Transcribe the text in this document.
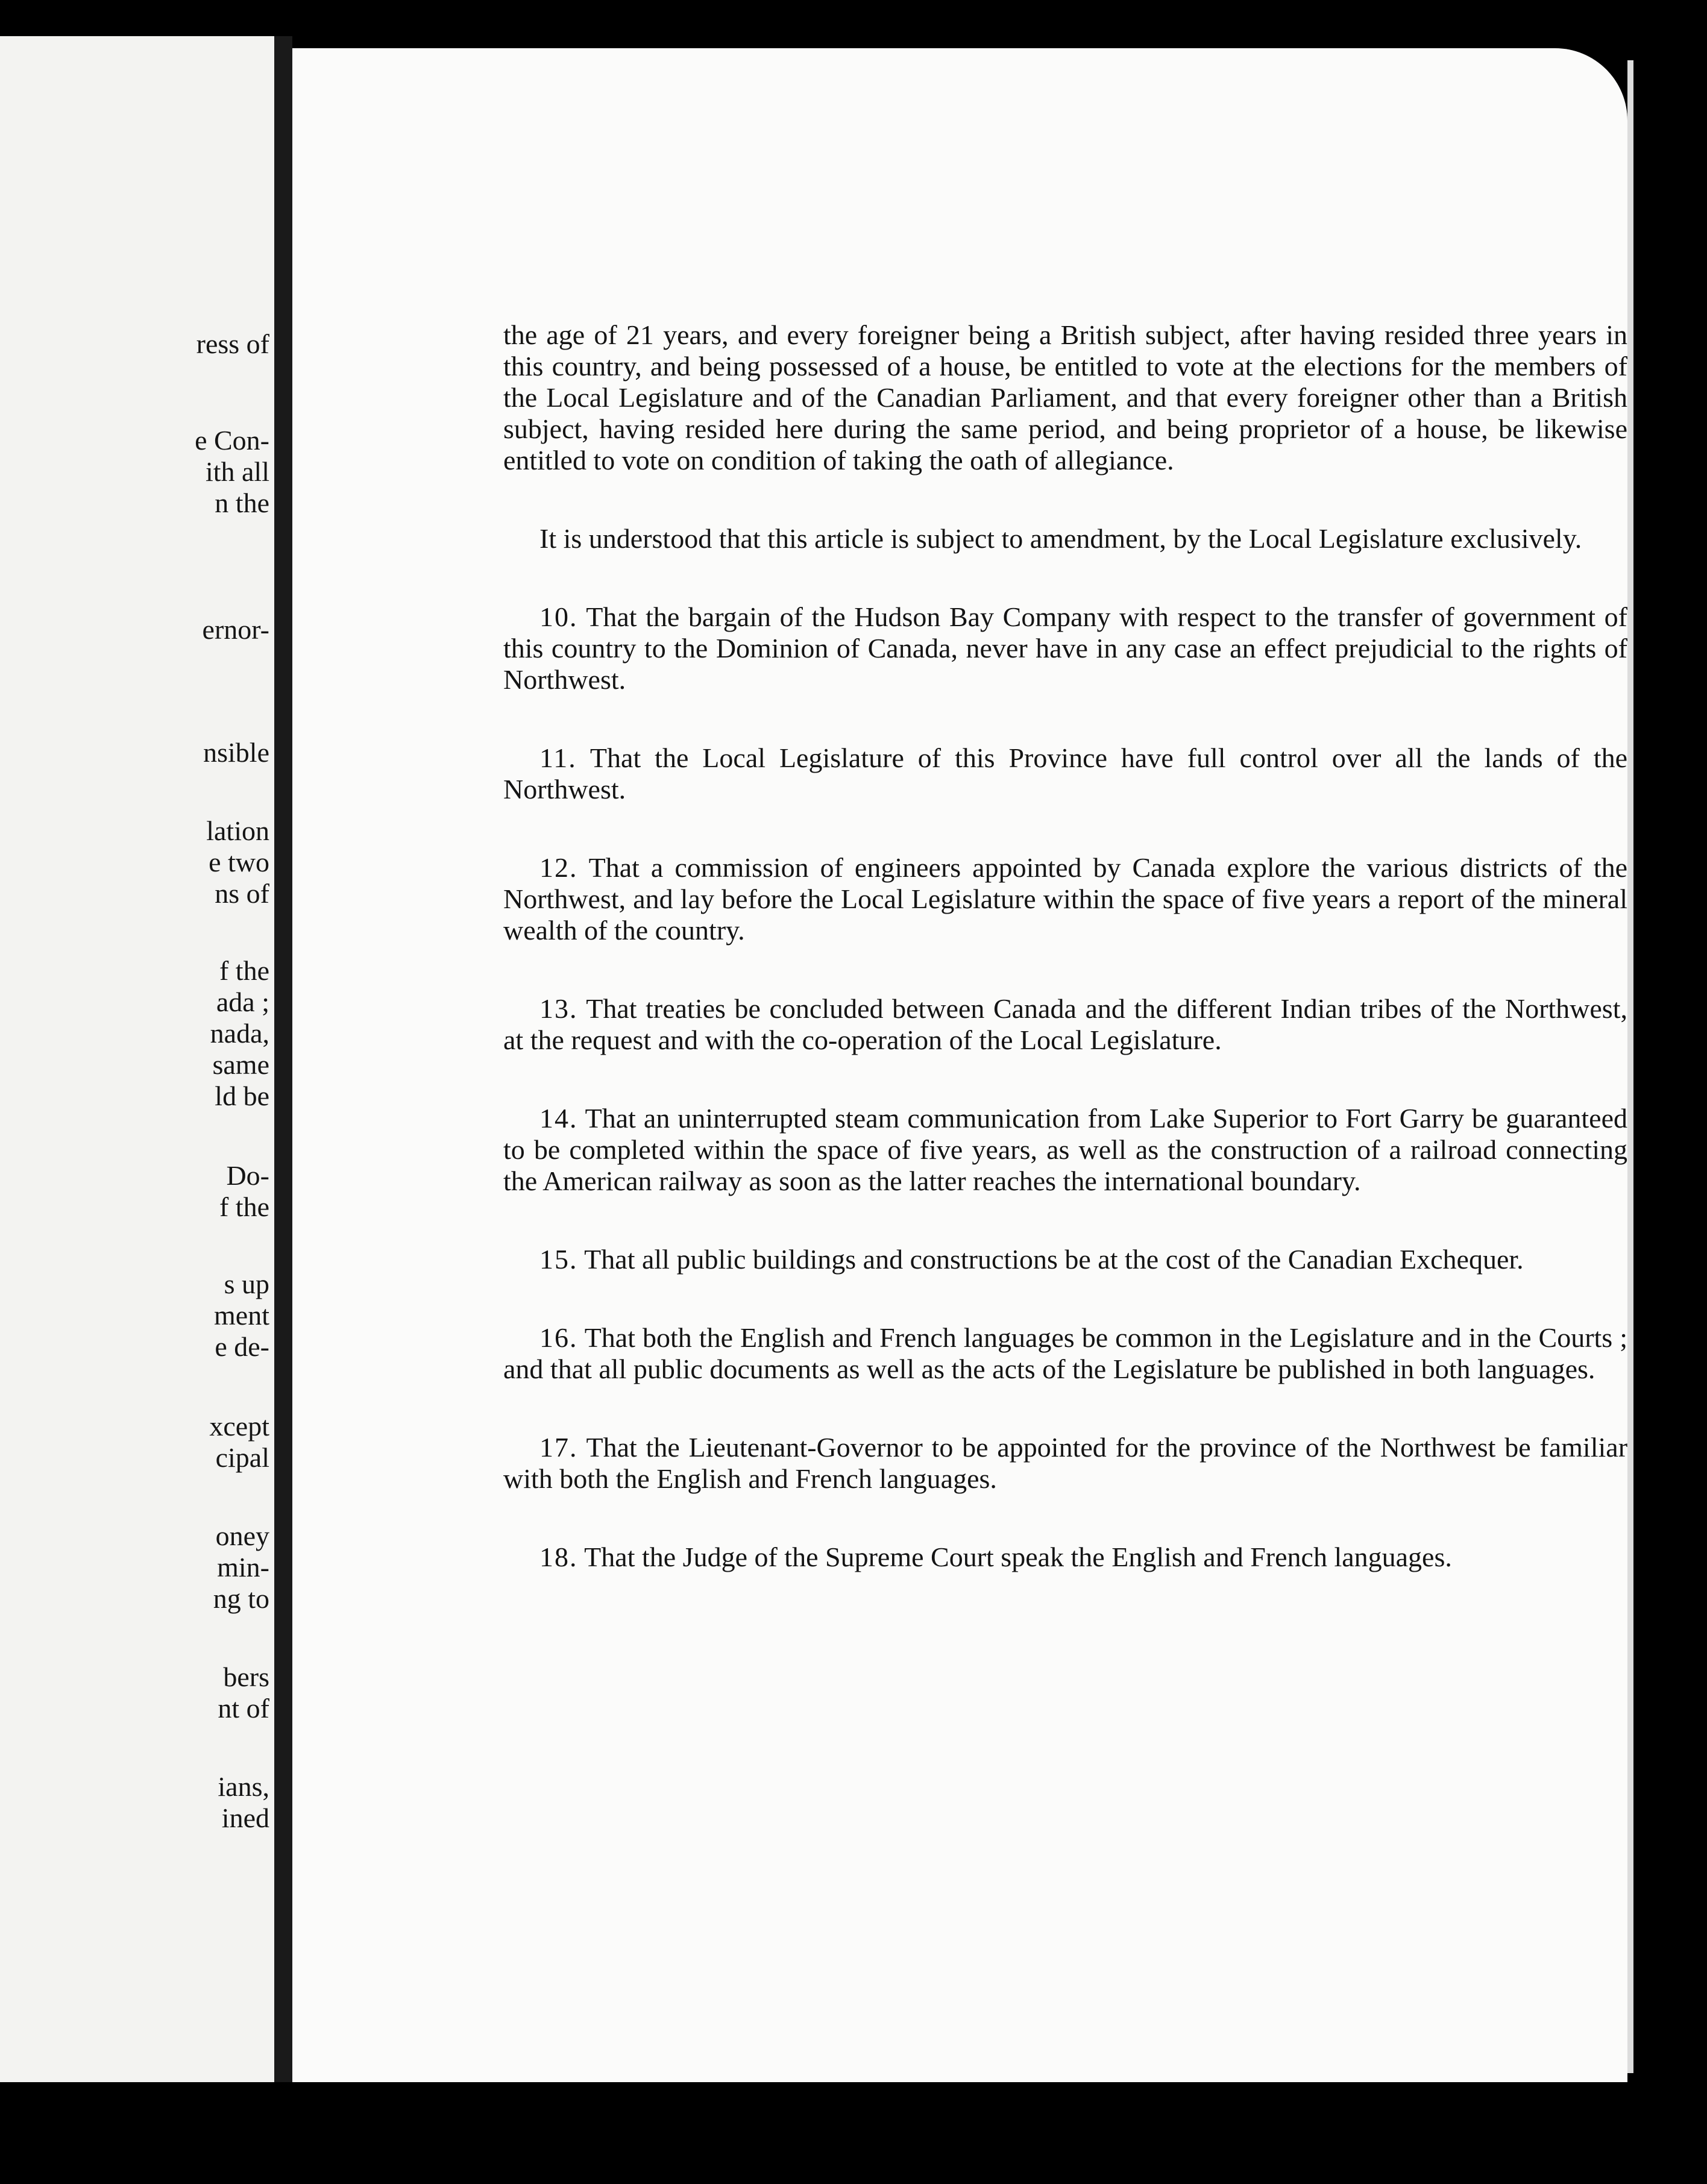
ress of
e Con-
ith all
n the
ernor-
nsible
lation
e two
ns of
f the
ada ;
nada,
same
ld be
Do-
f the
s up
ment
e de-
xcept
cipal
oney
min-
ng to
bers
nt of
ians,
ined

the age of 21 years, and every foreigner being a British subject, after having resided three years in this country, and being possessed of a house, be entitled to vote at the elections for the members of the Local Legislature and of the Canadian Parliament, and that every foreigner other than a British subject, having resided here during the same period, and being proprietor of a house, be likewise entitled to vote on condition of taking the oath of allegiance.

It is understood that this article is subject to amendment, by the Local Legislature exclusively.

10. That the bargain of the Hudson Bay Company with respect to the transfer of government of this country to the Dominion of Canada, never have in any case an effect prejudicial to the rights of Northwest.

11. That the Local Legislature of this Province have full control over all the lands of the Northwest.

12. That a commission of engineers appointed by Canada explore the various districts of the Northwest, and lay before the Local Legislature within the space of five years a report of the mineral wealth of the country.

13. That treaties be concluded between Canada and the different Indian tribes of the Northwest, at the request and with the co-operation of the Local Legislature.

14. That an uninterrupted steam communication from Lake Superior to Fort Garry be guaranteed to be completed within the space of five years, as well as the construction of a railroad connecting the American railway as soon as the latter reaches the international boundary.

15. That all public buildings and constructions be at the cost of the Canadian Exchequer.

16. That both the English and French languages be common in the Legislature and in the Courts ; and that all public documents as well as the acts of the Legislature be published in both languages.

17. That the Lieutenant-Governor to be appointed for the province of the Northwest be familiar with both the English and French languages.

18. That the Judge of the Supreme Court speak the English and French languages.
